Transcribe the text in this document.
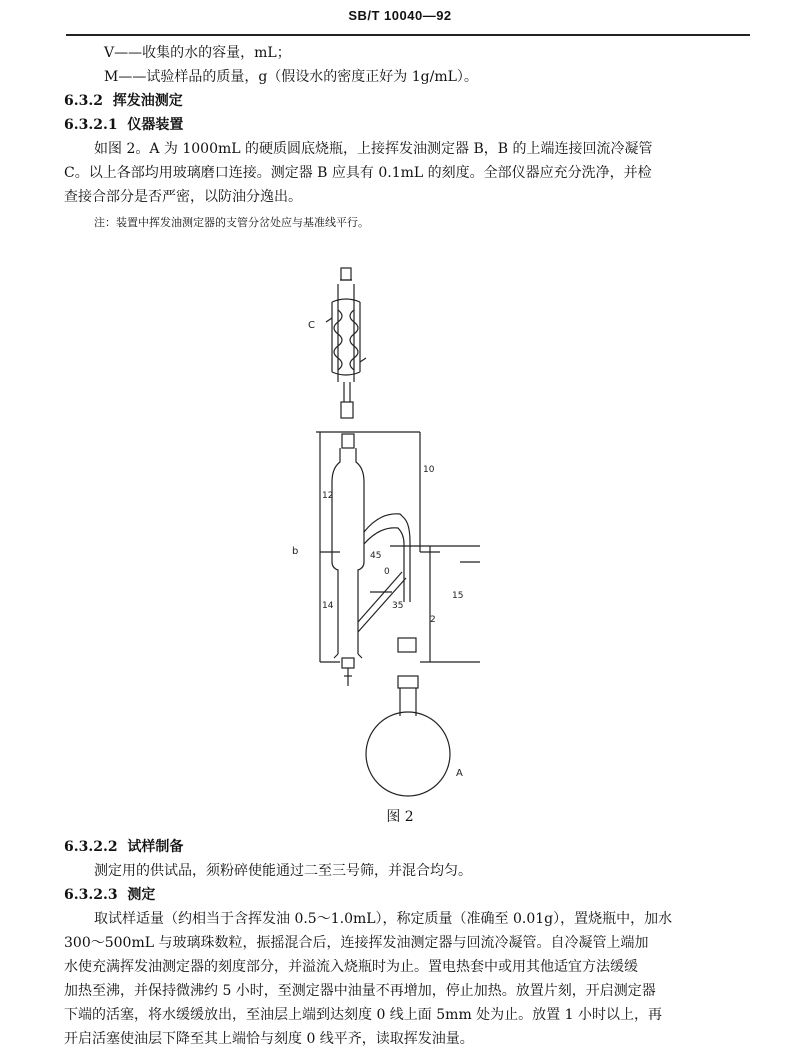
SB/T 10040—92
V——收集的水的容量，mL；
M——试验样品的质量，g（假设水的密度正好为 1g/mL）。
6.3.2 挥发油测定
6.3.2.1 仪器装置
如图 2。A 为 1000mL 的硬质圆底烧瓶，上接挥发油测定器 B，B 的上端连接回流冷凝管
C。以上各部均用玻璃磨口连接。测定器 B 应具有 0.1mL 的刻度。全部仪器应充分洗净，并检
查接合部分是否严密，以防油分逸出。
注：装置中挥发油测定器的支管分岔处应与基准线平行。
C
b
A
12
14
10
45
0
15
35
2
图 2
6.3.2.2 试样制备
测定用的供试品，须粉碎使能通过二至三号筛，并混合均匀。
6.3.2.3 测定
取试样适量（约相当于含挥发油 0.5～1.0mL），称定质量（准确至 0.01g），置烧瓶中，加水
300～500mL 与玻璃珠数粒，振摇混合后，连接挥发油测定器与回流冷凝管。自冷凝管上端加
水使充满挥发油测定器的刻度部分，并溢流入烧瓶时为止。置电热套中或用其他适宜方法缓缓
加热至沸，并保持微沸约 5 小时，至测定器中油量不再增加，停止加热。放置片刻，开启测定器
下端的活塞，将水缓缓放出，至油层上端到达刻度 0 线上面 5mm 处为止。放置 1 小时以上，再
开启活塞使油层下降至其上端恰与刻度 0 线平齐，读取挥发油量。
